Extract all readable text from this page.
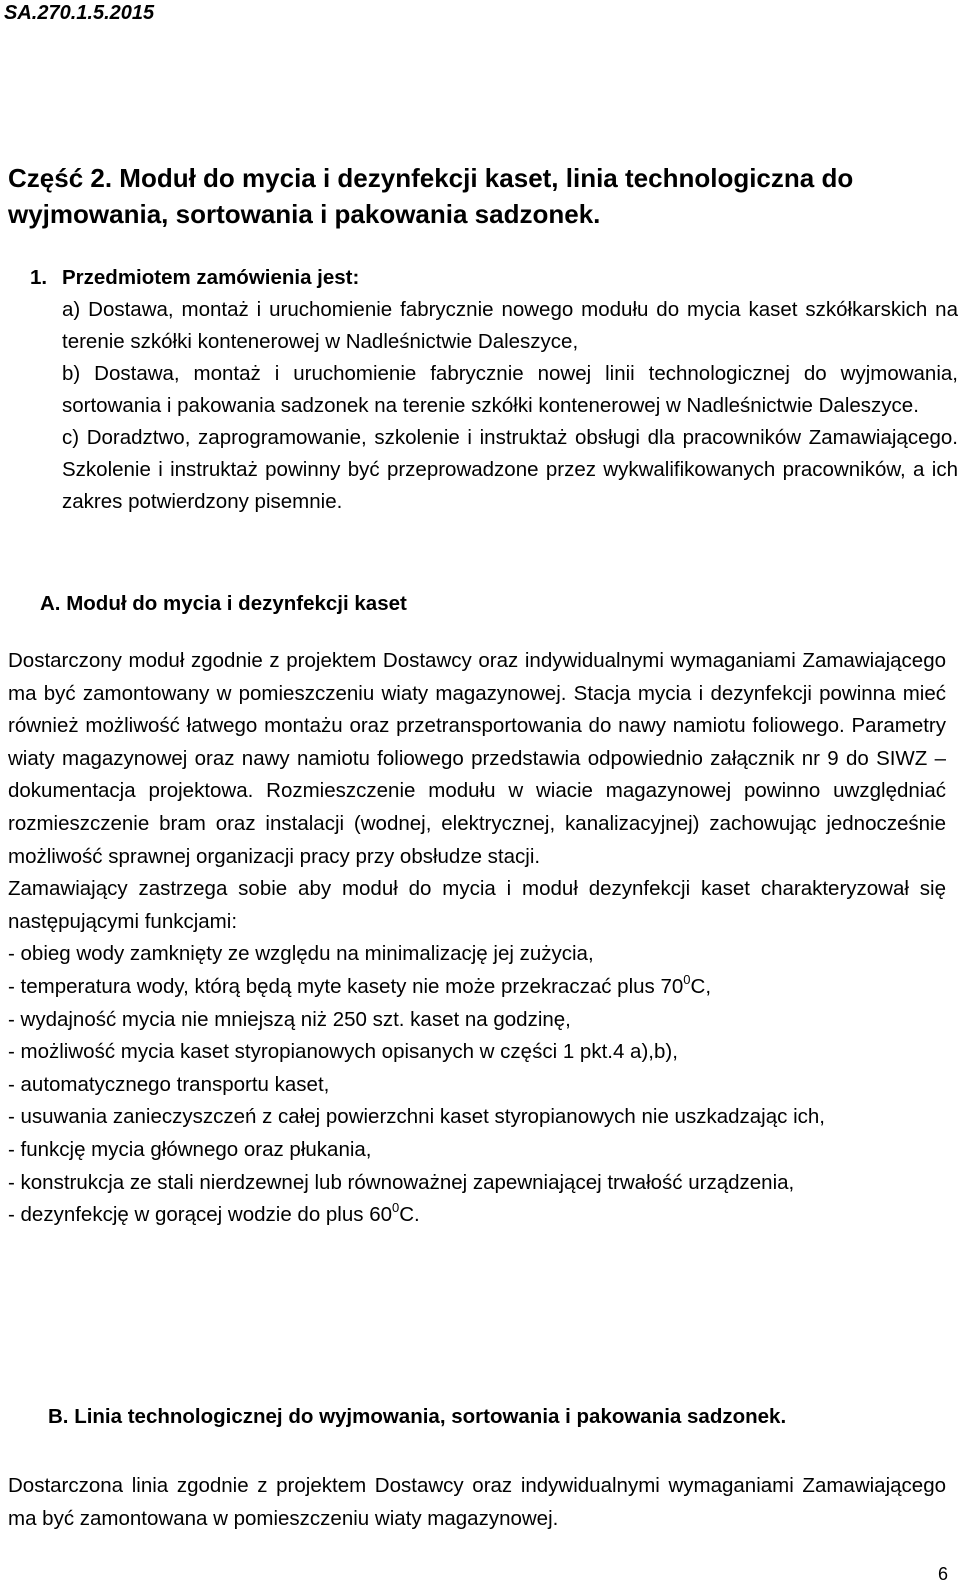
SA.270.1.5.2015
Część 2. Moduł do mycia i dezynfekcji kaset, linia technologiczna do wyjmowania, sortowania i pakowania sadzonek.
1. Przedmiotem zamówienia jest:
a) Dostawa, montaż i uruchomienie fabrycznie nowego modułu do mycia kaset szkółkarskich na terenie szkółki kontenerowej w Nadleśnictwie Daleszyce,
b) Dostawa, montaż i uruchomienie fabrycznie nowej linii technologicznej do wyjmowania, sortowania i pakowania sadzonek na terenie szkółki kontenerowej w Nadleśnictwie Daleszyce.
c) Doradztwo, zaprogramowanie, szkolenie i instruktaż obsługi dla pracowników Zamawiającego. Szkolenie i instruktaż powinny być przeprowadzone przez wykwalifikowanych pracowników, a ich zakres potwierdzony pisemnie.
A. Moduł do mycia i dezynfekcji kaset

Dostarczony moduł zgodnie z projektem Dostawcy oraz indywidualnymi wymaganiami Zamawiającego ma być zamontowany w pomieszczeniu wiaty magazynowej. Stacja mycia i dezynfekcji powinna mieć również możliwość łatwego montażu oraz przetransportowania do nawy namiotu foliowego. Parametry wiaty magazynowej oraz nawy namiotu foliowego przedstawia odpowiednio załącznik nr 9 do SIWZ – dokumentacja projektowa. Rozmieszczenie modułu w wiacie magazynowej powinno uwzględniać rozmieszczenie bram oraz instalacji (wodnej, elektrycznej, kanalizacyjnej) zachowując jednocześnie możliwość sprawnej organizacji pracy przy obsłudze stacji.

Zamawiający zastrzega sobie aby moduł do mycia i moduł dezynfekcji kaset charakteryzował się następującymi funkcjami:

- obieg wody zamknięty ze względu na minimalizację jej zużycia,
- temperatura wody, którą będą myte kasety nie może przekraczać plus $70^0C$,
- wydajność mycia nie mniejszą niż 250 szt. kaset na godzinę,
- możliwość mycia kaset styropianowych opisanych w części 1 pkt.4 a),b),
- automatycznego transportu kaset,
- usuwania zanieczyszczeń z całej powierzchni kaset styropianowych nie uszkadzając ich,
- funkcję mycia głównego oraz płukania,
- konstrukcja ze stali nierdzewnej lub równoważnej zapewniającej trwałość urządzenia,
- dezynfekcję w gorącej wodzie do plus $60^0C$.
B. Linia technologicznej do wyjmowania, sortowania i pakowania sadzonek.

Dostarczona linia zgodnie z projektem Dostawcy oraz indywidualnymi wymaganiami Zamawiającego ma być zamontowana w pomieszczeniu wiaty magazynowej.

6
